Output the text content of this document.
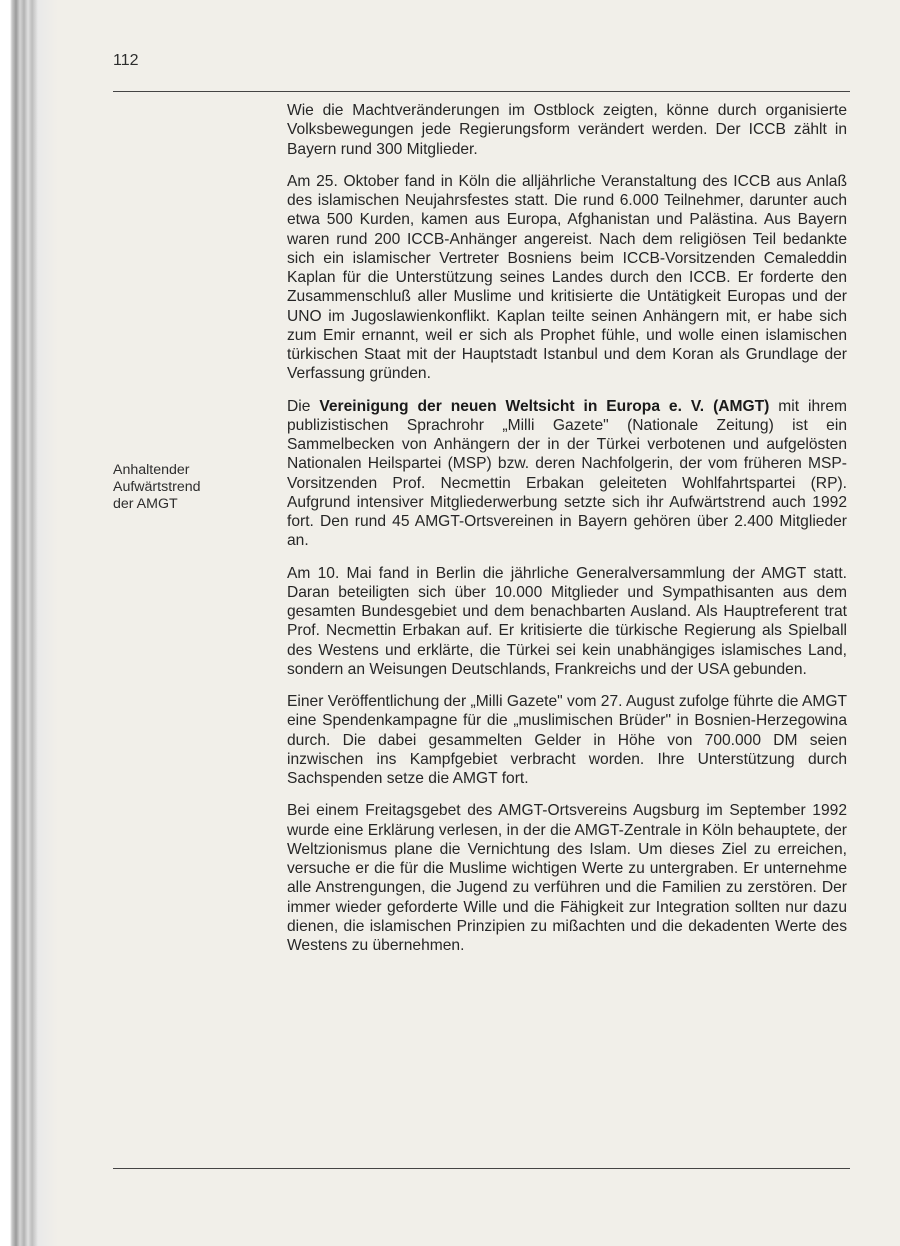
112
Anhaltender
Aufwärtstrend
der AMGT

Wie die Machtveränderungen im Ostblock zeigten, könne durch organisierte Volksbewegungen jede Regierungsform verändert werden. Der ICCB zählt in Bayern rund 300 Mitglieder.

Am 25. Oktober fand in Köln die alljährliche Veranstaltung des ICCB aus Anlaß des islamischen Neujahrsfestes statt. Die rund 6.000 Teilnehmer, darunter auch etwa 500 Kurden, kamen aus Europa, Afghanistan und Palästina. Aus Bayern waren rund 200 ICCB-Anhänger angereist. Nach dem religiösen Teil bedankte sich ein islamischer Vertreter Bosniens beim ICCB-Vorsitzenden Cemaleddin Kaplan für die Unterstützung seines Landes durch den ICCB. Er forderte den Zusammenschluß aller Muslime und kritisierte die Untätigkeit Europas und der UNO im Jugoslawienkonflikt. Kaplan teilte seinen Anhängern mit, er habe sich zum Emir ernannt, weil er sich als Prophet fühle, und wolle einen islamischen türkischen Staat mit der Hauptstadt Istanbul und dem Koran als Grundlage der Verfassung gründen.

Die Vereinigung der neuen Weltsicht in Europa e. V. (AMGT) mit ihrem publizistischen Sprachrohr „Milli Gazete" (Nationale Zeitung) ist ein Sammelbecken von Anhängern der in der Türkei verbotenen und aufgelösten Nationalen Heilspartei (MSP) bzw. deren Nachfolgerin, der vom früheren MSP-Vorsitzenden Prof. Necmettin Erbakan geleiteten Wohlfahrtspartei (RP). Aufgrund intensiver Mitgliederwerbung setzte sich ihr Aufwärtstrend auch 1992 fort. Den rund 45 AMGT-Ortsvereinen in Bayern gehören über 2.400 Mitglieder an.

Am 10. Mai fand in Berlin die jährliche Generalversammlung der AMGT statt. Daran beteiligten sich über 10.000 Mitglieder und Sympathisanten aus dem gesamten Bundesgebiet und dem benachbarten Ausland. Als Hauptreferent trat Prof. Necmettin Erbakan auf. Er kritisierte die türkische Regierung als Spielball des Westens und erklärte, die Türkei sei kein unabhängiges islamisches Land, sondern an Weisungen Deutschlands, Frankreichs und der USA gebunden.

Einer Veröffentlichung der „Milli Gazete" vom 27. August zufolge führte die AMGT eine Spendenkampagne für die „muslimischen Brüder" in Bosnien-Herzegowina durch. Die dabei gesammelten Gelder in Höhe von 700.000 DM seien inzwischen ins Kampfgebiet verbracht worden. Ihre Unterstützung durch Sachspenden setze die AMGT fort.

Bei einem Freitagsgebet des AMGT-Ortsvereins Augsburg im September 1992 wurde eine Erklärung verlesen, in der die AMGT-Zentrale in Köln behauptete, der Weltzionismus plane die Vernichtung des Islam. Um dieses Ziel zu erreichen, versuche er die für die Muslime wichtigen Werte zu untergraben. Er unternehme alle Anstrengungen, die Jugend zu verführen und die Familien zu zerstören. Der immer wieder geforderte Wille und die Fähigkeit zur Integration sollten nur dazu dienen, die islamischen Prinzipien zu mißachten und die dekadenten Werte des Westens zu übernehmen.
